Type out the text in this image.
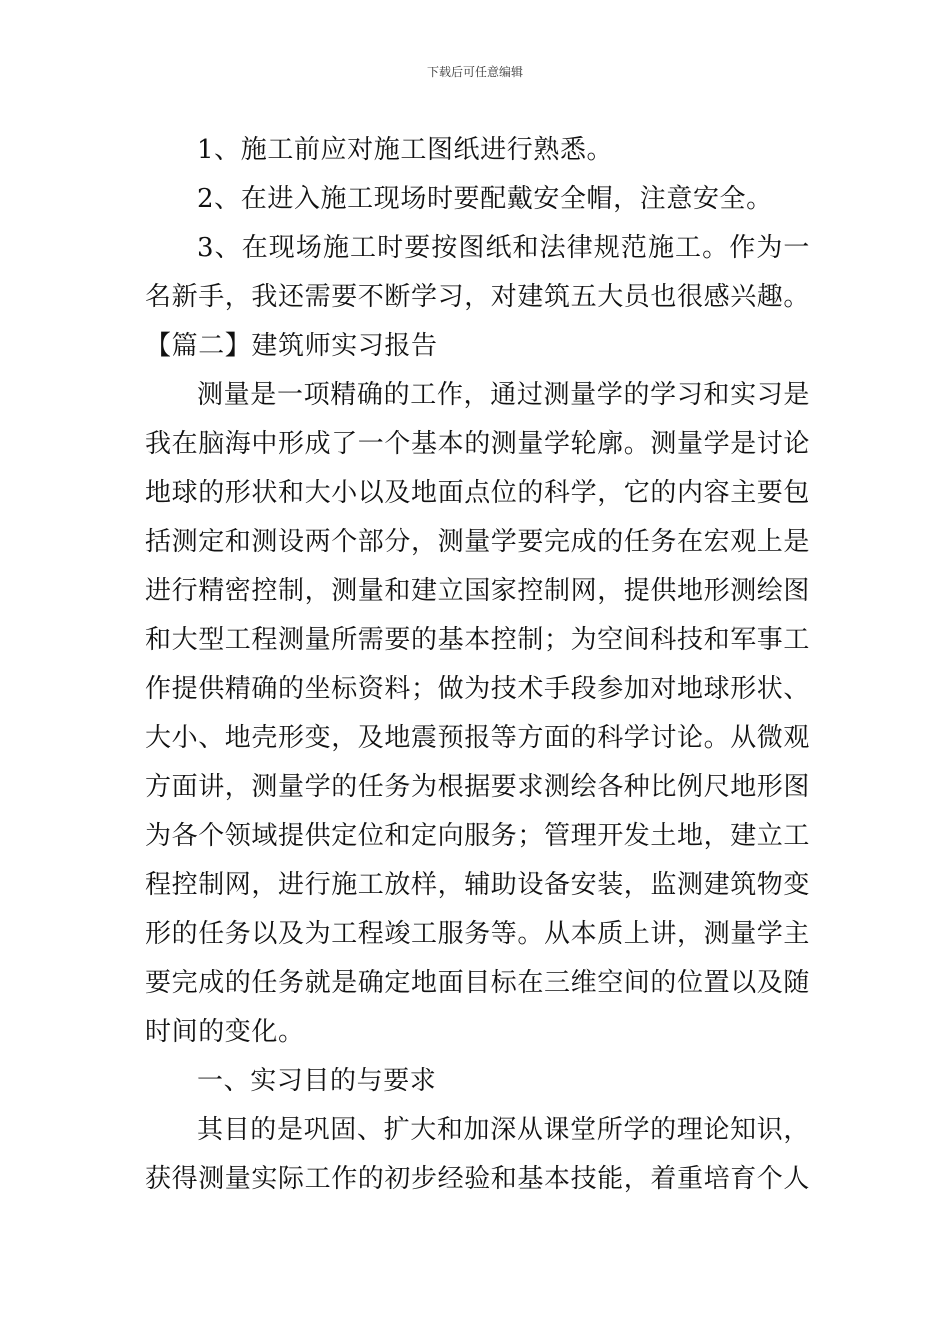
下载后可任意编辑

1、施工前应对施工图纸进行熟悉。

2、在进入施工现场时要配戴安全帽，注意安全。

3、在现场施工时要按图纸和法律规范施工。作为一名新手，我还需要不断学习，对建筑五大员也很感兴趣。

【篇二】建筑师实习报告

测量是一项精确的工作，通过测量学的学习和实习是我在脑海中形成了一个基本的测量学轮廓。测量学是讨论地球的形状和大小以及地面点位的科学，它的内容主要包括测定和测设两个部分，测量学要完成的任务在宏观上是进行精密控制，测量和建立国家控制网，提供地形测绘图和大型工程测量所需要的基本控制；为空间科技和军事工作提供精确的坐标资料；做为技术手段参加对地球形状、大小、地壳形变，及地震预报等方面的科学讨论。从微观方面讲，测量学的任务为根据要求测绘各种比例尺地形图为各个领域提供定位和定向服务；管理开发土地，建立工程控制网，进行施工放样，辅助设备安装，监测建筑物变形的任务以及为工程竣工服务等。从本质上讲，测量学主要完成的任务就是确定地面目标在三维空间的位置以及随时间的变化。

一、实习目的与要求

其目的是巩固、扩大和加深从课堂所学的理论知识，获得测量实际工作的初步经验和基本技能，着重培育个人
